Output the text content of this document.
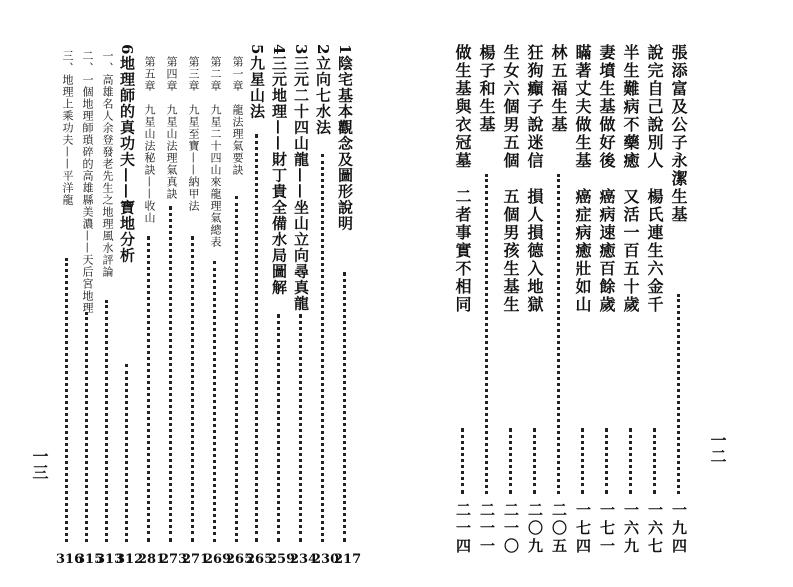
一三
1陰宅基本觀念及圖形說明
217
2立向七水法
230
3三元二十四山龍——坐山立向尋真龍
234
4三元地理——財丁貴全備水局圖解
259
5九星山法
265
第一章　龍法理氣要訣
265
第二章　九星二十四山來龍理氣總表
269
第三章　九星至寶——納甲法
271
第四章　九星山法理氣真訣
273
第五章　九星山法秘訣——收山
281
6地理師的真功夫——寶地分析
312
一、高雄名人余登發老先生之地理風水評論
313
二、一個地理師瑣碎的高雄縣美濃——天后宮地理
315
三、地理上乘功夫——平洋龍
316
一二
張添富及公子永潔生基
一九四
說完自己說別人　楊氏連生六金千
一六七
半生難病不藥癒　又活一百五十歲
一六九
妻墳生基做好後　癌病速癒百餘歲
一七一
瞞著丈夫做生基　癌症病癒壯如山
一七四
林五福生基
二〇五
狂狗癲子說迷信　損人損德入地獄
二〇九
生女六個男五個　五個男孩生基生
二一〇
楊子和生基
二一一
做生基與衣冠墓　二者事實不相同
二一四
